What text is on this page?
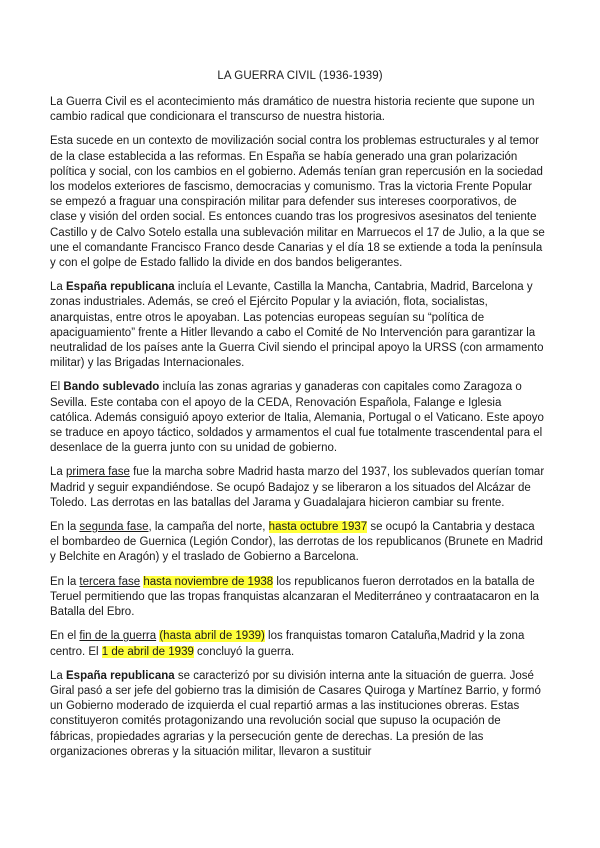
LA GUERRA CIVIL (1936-1939)

La Guerra Civil es el acontecimiento más dramático de nuestra historia reciente que supone un cambio radical que condicionara el transcurso de nuestra historia.

Esta sucede en un contexto de movilización social contra los problemas estructurales y al temor de la clase establecida a las reformas. En España se había generado una gran polarización política y social, con los cambios en el gobierno. Además tenían gran repercusión en la sociedad los modelos exteriores de fascismo, democracias y comunismo. Tras la victoria Frente Popular se empezó a fraguar una conspiración militar para defender sus intereses coorporativos, de clase y visión del orden social. Es entonces cuando tras los progresivos asesinatos del teniente Castillo y de Calvo Sotelo estalla una sublevación militar en Marruecos el 17 de Julio, a la que se une el comandante Francisco Franco desde Canarias y el día 18 se extiende a toda la península y con el golpe de Estado fallido la divide en dos bandos beligerantes.

La España republicana incluía el Levante, Castilla la Mancha, Cantabria, Madrid, Barcelona y zonas industriales. Además, se creó el Ejército Popular y la aviación, flota, socialistas, anarquistas, entre otros le apoyaban. Las potencias europeas seguían su “política de apaciguamiento” frente a Hitler llevando a cabo el Comité de No Intervención para garantizar la neutralidad de los países ante la Guerra Civil siendo el principal apoyo la URSS (con armamento militar) y las Brigadas Internacionales.

El Bando sublevado incluía las zonas agrarias y ganaderas con capitales como Zaragoza o Sevilla. Este contaba con el apoyo de la CEDA, Renovación Española, Falange e Iglesia católica. Además consiguió apoyo exterior de Italia, Alemania, Portugal o el Vaticano. Este apoyo se traduce en apoyo táctico, soldados y armamentos el cual fue totalmente trascendental para el desenlace de la guerra junto con su unidad de gobierno.

La primera fase fue la marcha sobre Madrid hasta marzo del 1937, los sublevados querían tomar Madrid y seguir expandiéndose. Se ocupó Badajoz y se liberaron a los situados del Alcázar de Toledo. Las derrotas en las batallas del Jarama y Guadalajara hicieron cambiar su frente.

En la segunda fase, la campaña del norte, hasta octubre 1937 se ocupó la Cantabria y destaca el bombardeo de Guernica (Legión Condor), las derrotas de los republicanos (Brunete en Madrid y Belchite en Aragón) y el traslado de Gobierno a Barcelona.

En la tercera fase hasta noviembre de 1938 los republicanos fueron derrotados en la batalla de Teruel permitiendo que las tropas franquistas alcanzaran el Mediterráneo y contraatacaron en la Batalla del Ebro.

En el fin de la guerra (hasta abril de 1939) los franquistas tomaron Cataluña,Madrid y la zona centro. El 1 de abril de 1939 concluyó la guerra.

La España republicana se caracterizó por su división interna ante la situación de guerra. José Giral pasó a ser jefe del gobierno tras la dimisión de Casares Quiroga y Martínez Barrio, y formó un Gobierno moderado de izquierda el cual repartió armas a las instituciones obreras. Estas constituyeron comités protagonizando una revolución social que supuso la ocupación de fábricas, propiedades agrarias y la persecución gente de derechas. La presión de las organizaciones obreras y la situación militar, llevaron a sustituir
